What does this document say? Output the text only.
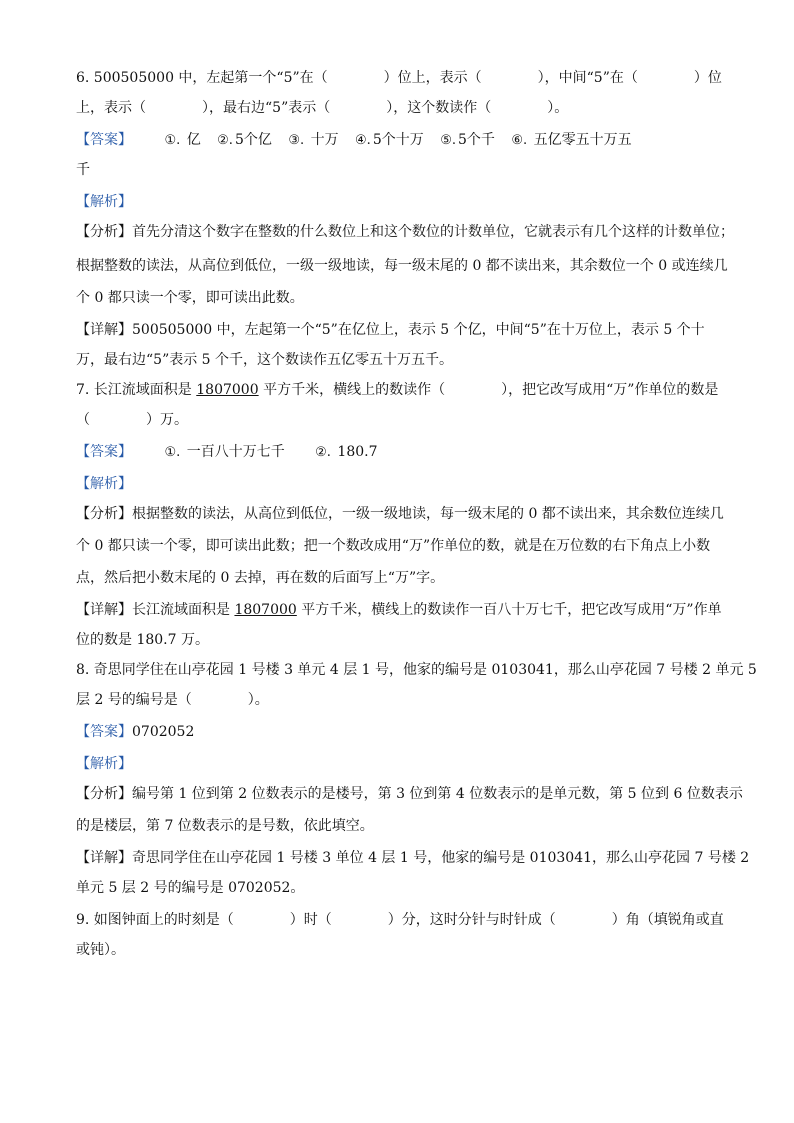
6. 500505000 中，左起第一个“5”在（　　　　）位上，表示（　　　　），中间“5”在（　　　　）位
上，表示（　　　　），最右边“5”表示（　　　　），这个数读作（　　　　）。
【答案】 ①. 亿 ②. 5个亿 ③. 十万 ④. 5个十万 ⑤. 5个千 ⑥. 五亿零五十万五
千
【解析】
【分析】首先分清这个数字在整数的什么数位上和这个数位的计数单位，它就表示有几个这样的计数单位；
根据整数的读法，从高位到低位，一级一级地读，每一级末尾的 0 都不读出来，其余数位一个 0 或连续几
个 0 都只读一个零，即可读出此数。
【详解】500505000 中，左起第一个“5”在亿位上，表示 5 个亿，中间“5”在十万位上，表示 5 个十
万，最右边“5”表示 5 个千，这个数读作五亿零五十万五千。
7. 长江流域面积是 1807000 平方千米，横线上的数读作（　　　　），把它改写成用“万”作单位的数是
（　　　　）万。
【答案】 ①. 一百八十万七千 ②. 180.7
【解析】
【分析】根据整数的读法，从高位到低位，一级一级地读，每一级末尾的 0 都不读出来，其余数位连续几
个 0 都只读一个零，即可读出此数；把一个数改成用“万”作单位的数，就是在万位数的右下角点上小数
点，然后把小数末尾的 0 去掉，再在数的后面写上“万”字。
【详解】长江流域面积是 1807000 平方千米，横线上的数读作一百八十万七千，把它改写成用“万”作单
位的数是 180.7 万。
8. 奇思同学住在山亭花园 1 号楼 3 单元 4 层 1 号，他家的编号是 0103041，那么山亭花园 7 号楼 2 单元 5
层 2 号的编号是（　　　　）。
【答案】0702052
【解析】
【分析】编号第 1 位到第 2 位数表示的是楼号，第 3 位到第 4 位数表示的是单元数，第 5 位到 6 位数表示
的是楼层，第 7 位数表示的是号数，依此填空。
【详解】奇思同学住在山亭花园 1 号楼 3 单位 4 层 1 号，他家的编号是 0103041，那么山亭花园 7 号楼 2
单元 5 层 2 号的编号是 0702052。
9. 如图钟面上的时刻是（　　　　）时（　　　　）分，这时分针与时针成（　　　　）角（填锐角或直
或钝）。
